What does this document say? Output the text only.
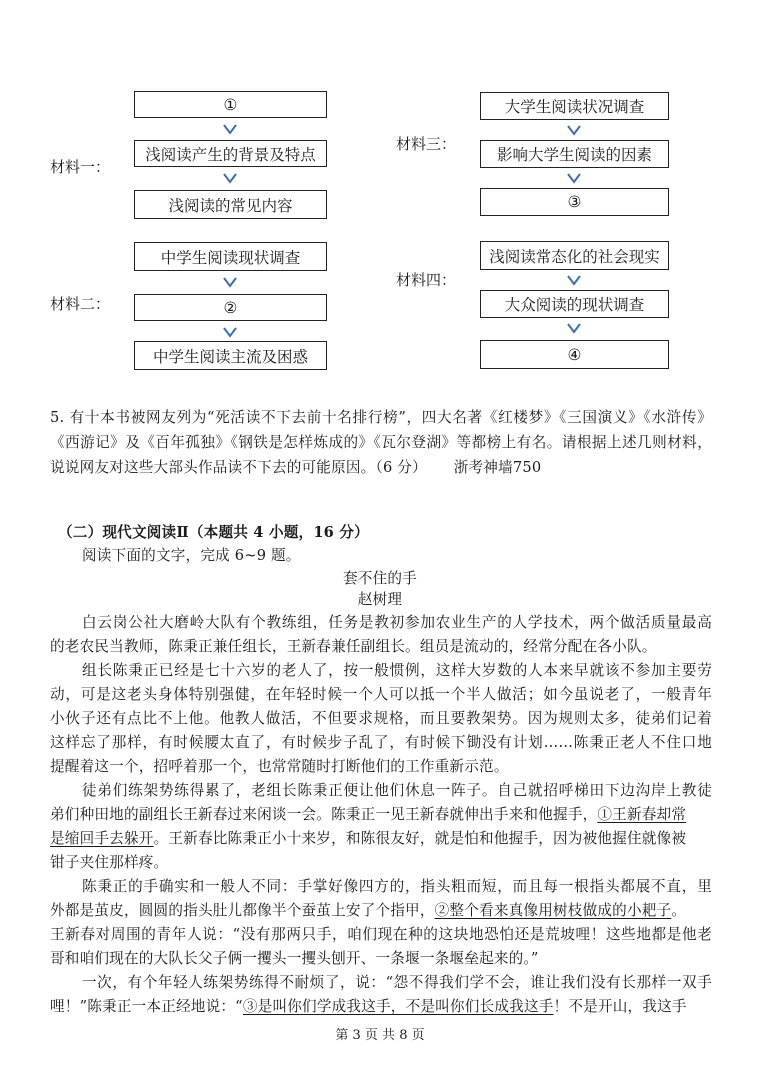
材料一：
①
浅阅读产生的背景及特点
浅阅读的常见内容
材料二：
中学生阅读现状调查
②
中学生阅读主流及困惑
材料三：
大学生阅读状况调查
影响大学生阅读的因素
③
材料四：
浅阅读常态化的社会现实
大众阅读的现状调查
④
5. 有十本书被网友列为“死活读不下去前十名排行榜”，四大名著《红楼梦》《三国演义》《水浒传》
《西游记》及《百年孤独》《钢铁是怎样炼成的》《瓦尔登湖》等都榜上有名。请根据上述几则材料，
说说网友对这些大部头作品读不下去的可能原因。（6 分） 浙考神墙750
（二）现代文阅读Ⅱ（本题共 4 小题，16 分）
阅读下面的文字，完成 6~9 题。
套不住的手
赵树理
白云岗公社大磨岭大队有个教练组，任务是教初参加农业生产的人学技术，两个做活质量最高
的老农民当教师，陈秉正兼任组长，王新春兼任副组长。组员是流动的，经常分配在各小队。
组长陈秉正已经是七十六岁的老人了，按一般惯例，这样大岁数的人本来早就该不参加主要劳
动，可是这老头身体特别强健，在年轻时候一个人可以抵一个半人做活；如今虽说老了，一般青年
小伙子还有点比不上他。他教人做活，不但要求规格，而且要教架势。因为规则太多，徒弟们记着
这样忘了那样，有时候腰太直了，有时候步子乱了，有时候下锄没有计划……陈秉正老人不住口地
提醒着这一个，招呼着那一个，也常常随时打断他们的工作重新示范。
徒弟们练架势练得累了，老组长陈秉正便让他们休息一阵子。自己就招呼梯田下边沟岸上教徒
弟们种田地的副组长王新春过来闲谈一会。陈秉正一见王新春就伸出手来和他握手，①王新春却常
是缩回手去躲开。王新春比陈秉正小十来岁，和陈很友好，就是怕和他握手，因为被他握住就像被
钳子夹住那样疼。
陈秉正的手确实和一般人不同：手掌好像四方的，指头粗而短，而且每一根指头都展不直，里
外都是茧皮，圆圆的指头肚儿都像半个蚕茧上安了个指甲，②整个看来真像用树枝做成的小耙子。
王新春对周围的青年人说：“没有那两只手，咱们现在种的这块地恐怕还是荒坡哩！这些地都是他老
哥和咱们现在的大队长父子俩一攫头一攫头刨开、一条堰一条堰垒起来的。”
一次，有个年轻人练架势练得不耐烦了，说：“怨不得我们学不会，谁让我们没有长那样一双手
哩！”陈秉正一本正经地说：“③是叫你们学成我这手，不是叫你们长成我这手！不是开山，我这手
第 3 页 共 8 页
